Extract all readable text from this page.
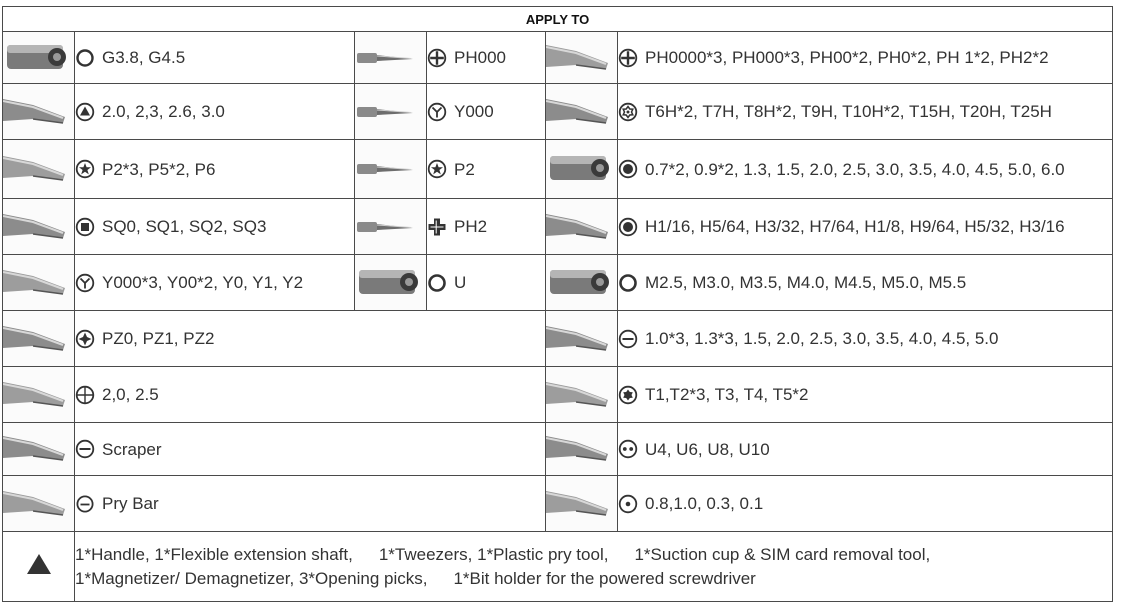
APPLY TO					

G3.8, G4.5		PH000		PH0000*3, PH000*3, PH00*2, PH0*2, PH 1*2, PH2*2

2.0, 2,3, 2.6, 3.0		Y000		T6H*2, T7H, T8H*2, T9H, T10H*2, T15H, T20H, T25H

P2*3, P5*2, P6		P2		0.7*2, 0.9*2, 1.3, 1.5, 2.0, 2.5, 3.0, 3.5, 4.0, 4.5, 5.0, 6.0

SQ0, SQ1, SQ2, SQ3		PH2		H1/16, H5/64, H3/32, H7/64, H1/8, H9/64, H5/32, H3/16

Y000*3, Y00*2, Y0, Y1, Y2		U		M2.5, M3.0, M3.5, M4.0, M4.5, M5.0, M5.5

PZ0, PZ1, PZ2				1.0*3, 1.3*3, 1.5, 2.0, 2.5, 3.0, 3.5, 4.0, 4.5, 5.0

2,0, 2.5				T1,T2*3, T3, T4, T5*2

Scraper				U4, U6, U8, U10

Pry Bar				0.8,1.0, 0.3, 0.1

	1*Handle, 1*Flexible extension shaft, 1*Tweezers, 1*Plastic pry tool, 1*Suction cup & SIM card removal tool,
1*Magnetizer/ Demagnetizer, 3*Opening picks, 1*Bit holder for the powered screwdriver				
